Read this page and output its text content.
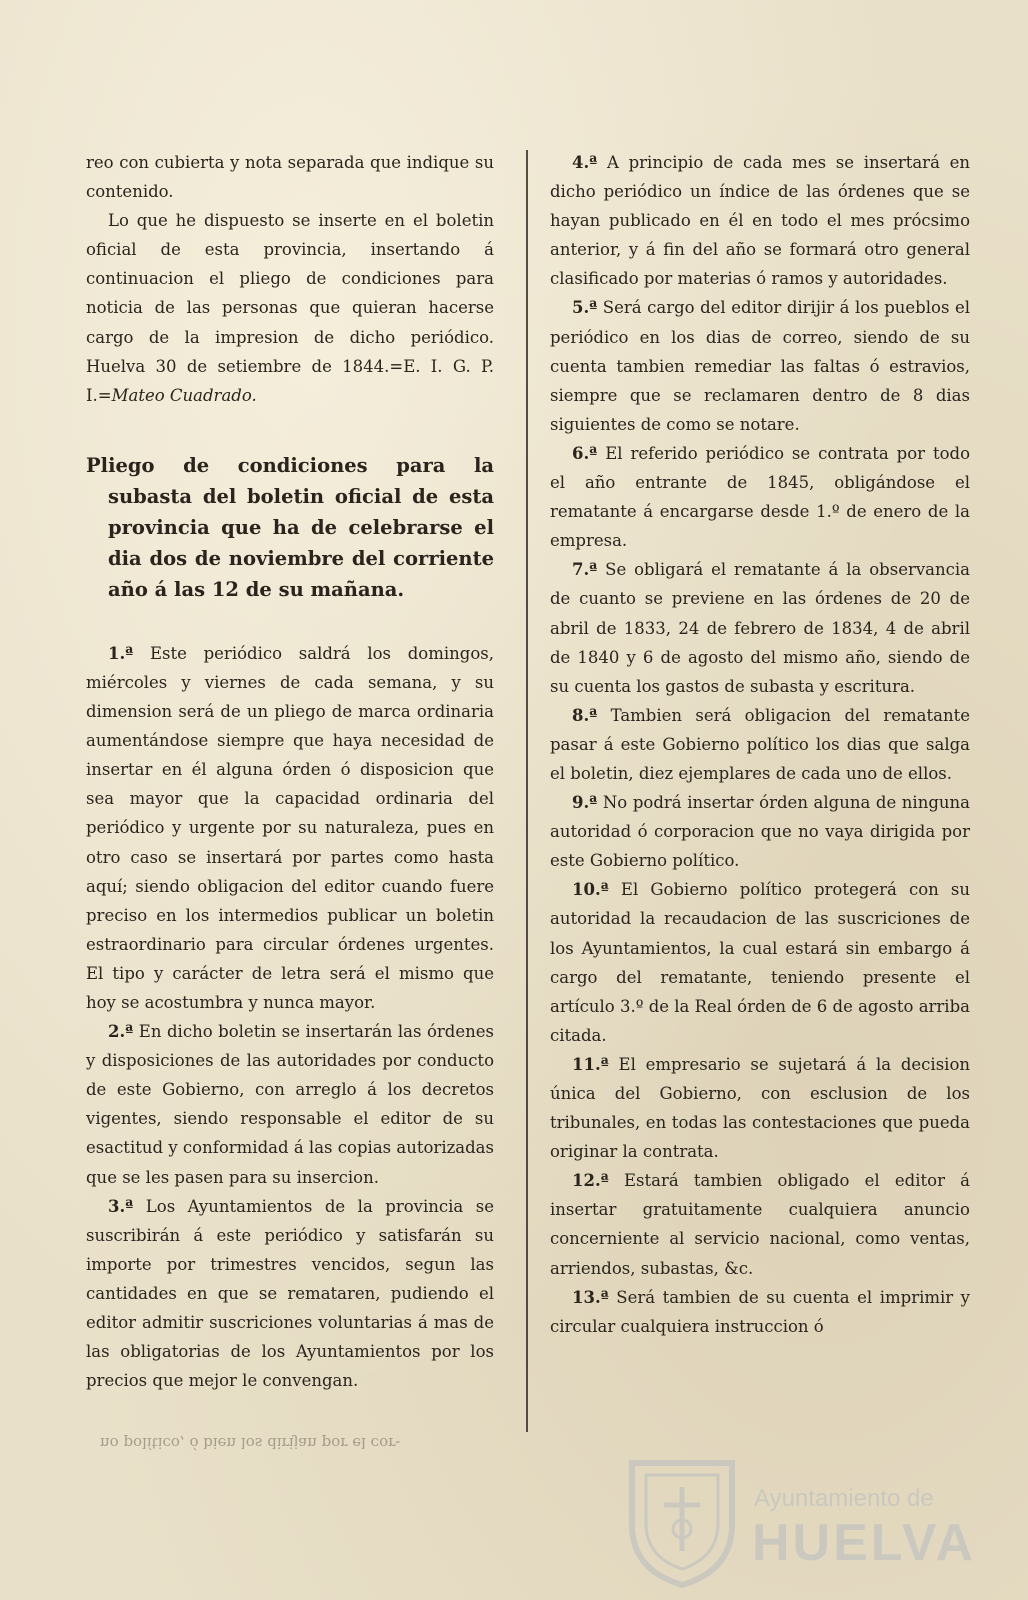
reo con cubierta y nota separada que indique su contenido.

Lo que he dispuesto se inserte en el boletin oficial de esta provincia, insertando á continuacion el pliego de condiciones para noticia de las personas que quieran hacerse cargo de la impresion de dicho periódico. Huelva 30 de setiembre de 1844.=E. I. G. P. I.=Mateo Cuadrado.

Pliego de condiciones para la subasta del boletin oficial de esta provincia que ha de celebrarse el dia dos de noviembre del corriente año á las 12 de su mañana.

1.ª Este periódico saldrá los domingos, miércoles y viernes de cada semana, y su dimension será de un pliego de marca ordinaria aumentándose siempre que haya necesidad de insertar en él alguna órden ó disposicion que sea mayor que la capacidad ordinaria del periódico y urgente por su naturaleza, pues en otro caso se insertará por partes como hasta aquí; siendo obligacion del editor cuando fuere preciso en los intermedios publicar un boletin estraordinario para circular órdenes urgentes. El tipo y carácter de letra será el mismo que hoy se acostumbra y nunca mayor.

2.ª En dicho boletin se insertarán las órdenes y disposiciones de las autoridades por conducto de este Gobierno, con arreglo á los decretos vigentes, siendo responsable el editor de su esactitud y conformidad á las copias autorizadas que se les pasen para su insercion.

3.ª Los Ayuntamientos de la provincia se suscribirán á este periódico y satisfarán su importe por trimestres vencidos, segun las cantidades en que se remataren, pudiendo el editor admitir suscriciones voluntarias á mas de las obligatorias de los Ayuntamientos por los precios que mejor le convengan.

4.ª A principio de cada mes se insertará en dicho periódico un índice de las órdenes que se hayan publicado en él en todo el mes prócsimo anterior, y á fin del año se formará otro general clasificado por materias ó ramos y autoridades.

5.ª Será cargo del editor dirijir á los pueblos el periódico en los dias de correo, siendo de su cuenta tambien remediar las faltas ó estravios, siempre que se reclamaren dentro de 8 dias siguientes de como se notare.

6.ª El referido periódico se contrata por todo el año entrante de 1845, obligándose el rematante á encargarse desde 1.º de enero de la empresa.

7.ª Se obligará el rematante á la observancia de cuanto se previene en las órdenes de 20 de abril de 1833, 24 de febrero de 1834, 4 de abril de 1840 y 6 de agosto del mismo año, siendo de su cuenta los gastos de subasta y escritura.

8.ª Tambien será obligacion del rematante pasar á este Gobierno político los dias que salga el boletin, diez ejemplares de cada uno de ellos.

9.ª No podrá insertar órden alguna de ninguna autoridad ó corporacion que no vaya dirigida por este Gobierno político.

10.ª El Gobierno político protegerá con su autoridad la recaudacion de las suscriciones de los Ayuntamientos, la cual estará sin embargo á cargo del rematante, teniendo presente el artículo 3.º de la Real órden de 6 de agosto arriba citada.

11.ª El empresario se sujetará á la decision única del Gobierno, con esclusion de los tribunales, en todas las contestaciones que pueda originar la contrata.

12.ª Estará tambien obligado el editor á insertar gratuitamente cualquiera anuncio concerniente al servicio nacional, como ventas, arriendos, subastas, &c.

13.ª Será tambien de su cuenta el imprimir y circular cualquiera instruccion ó

no político, ó bien los dirijan por el cor-
Ayuntamiento de
HUELVA
